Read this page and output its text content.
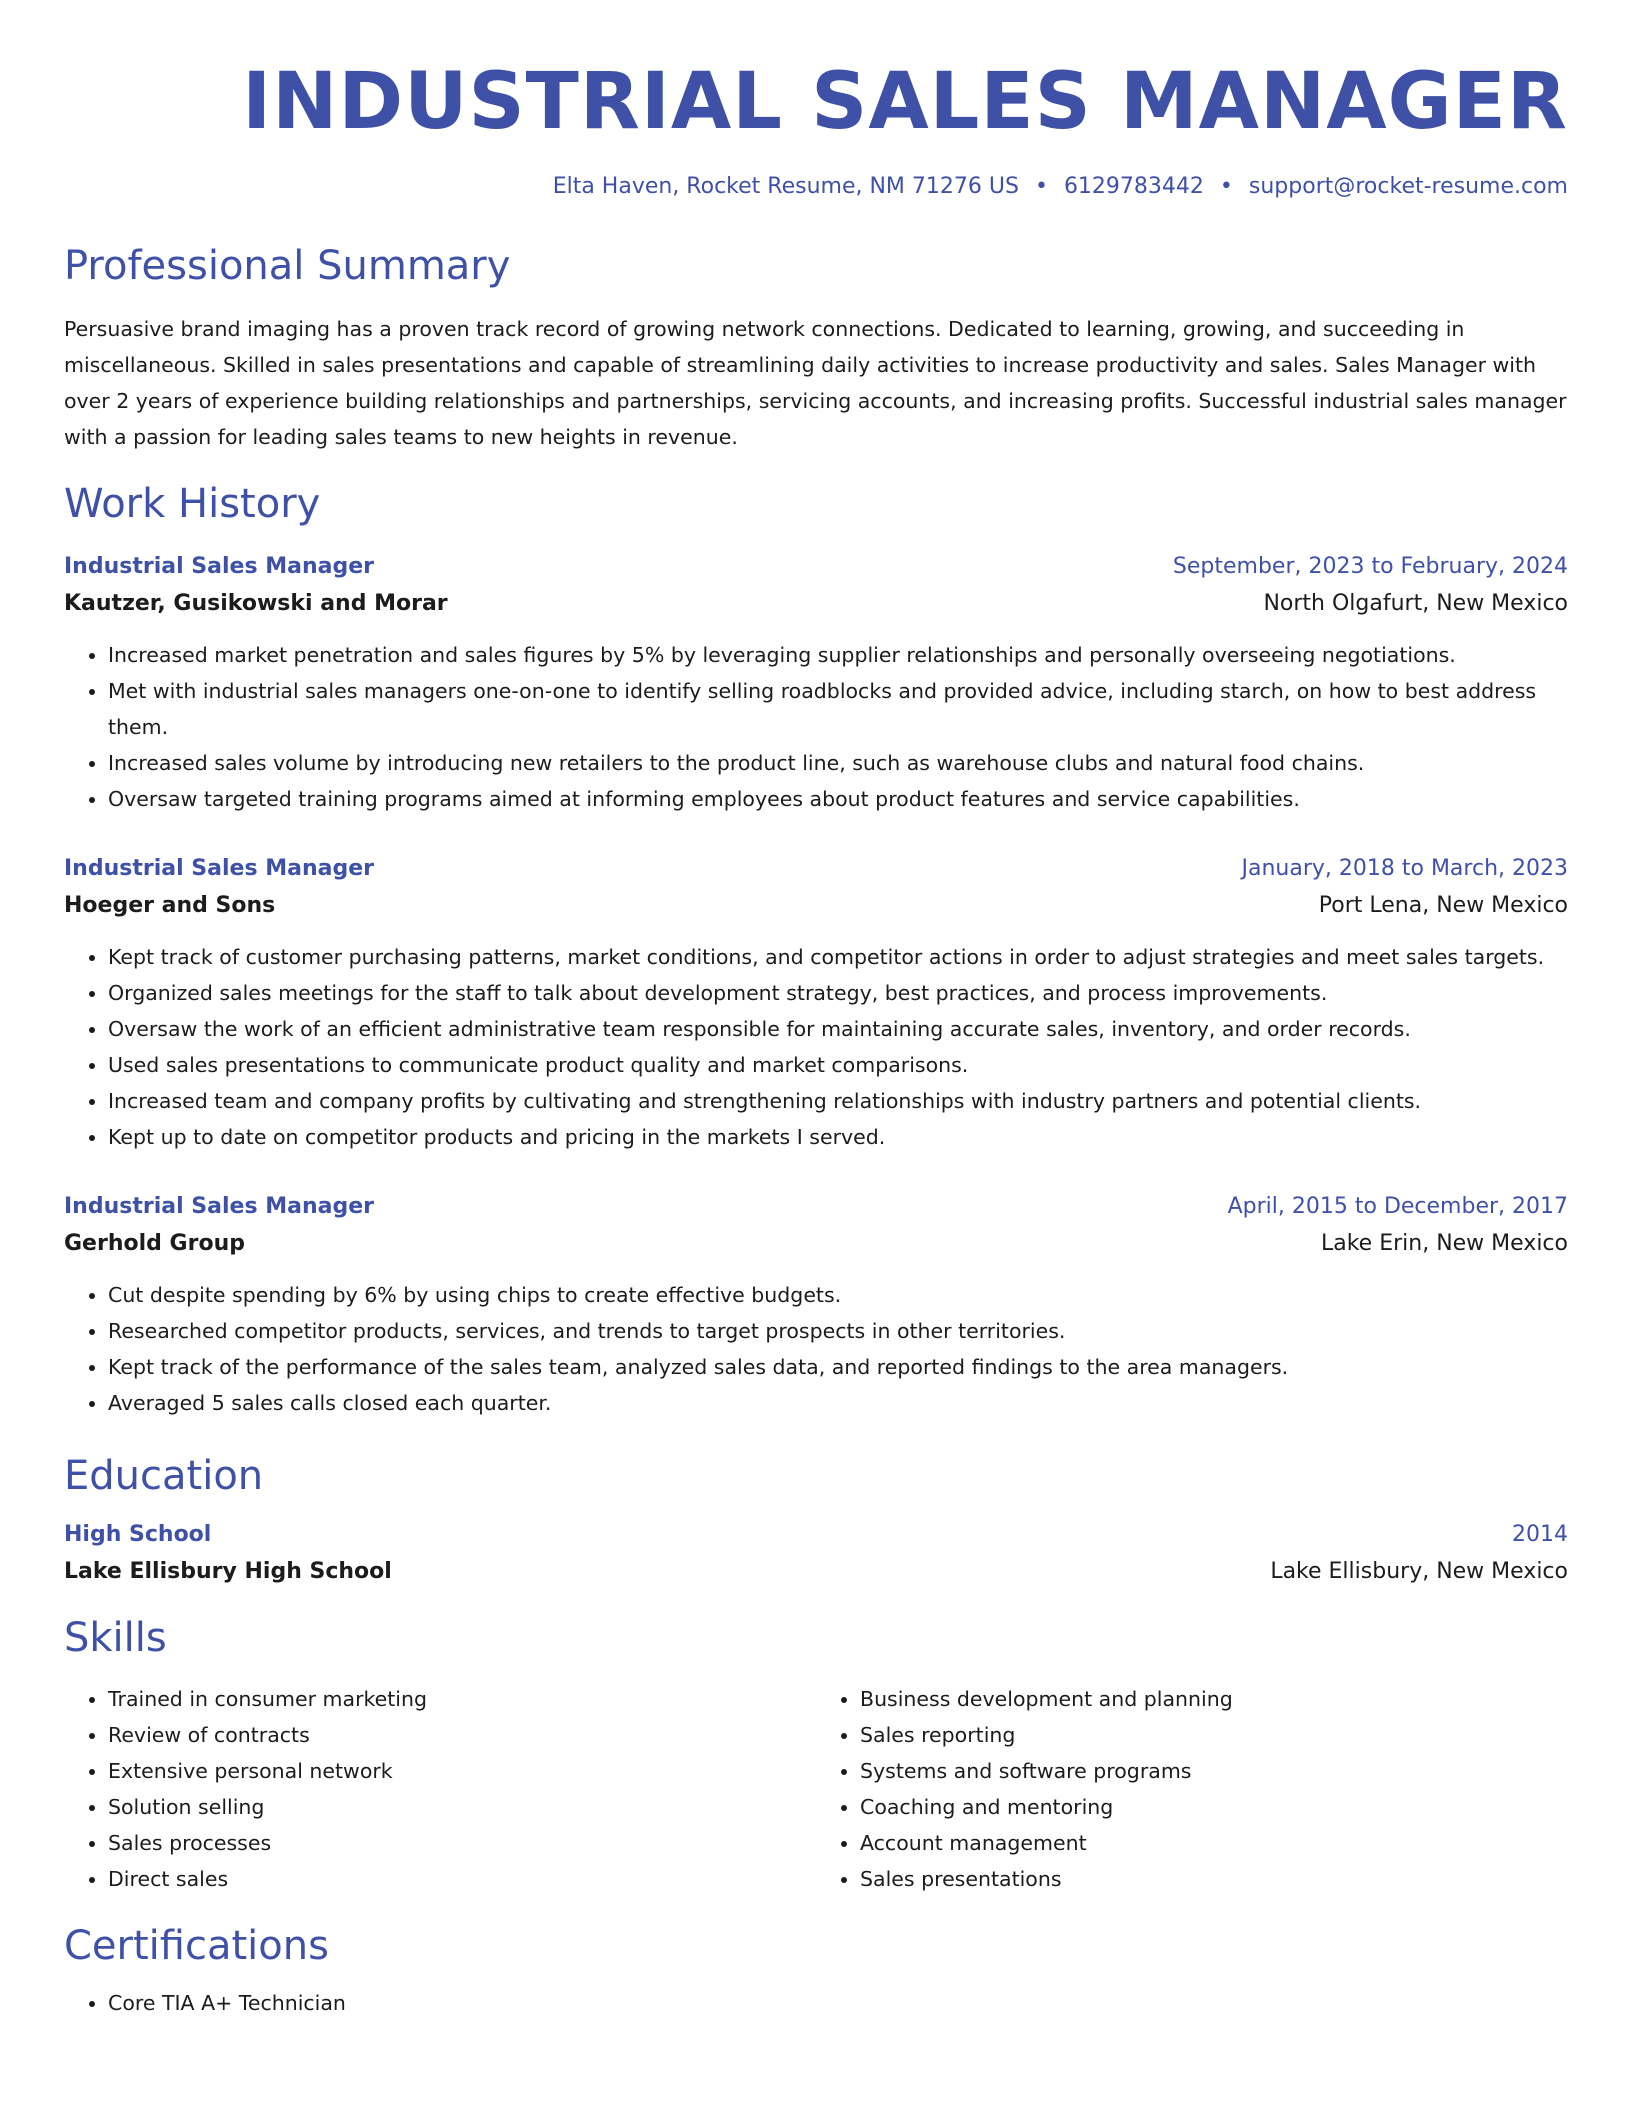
INDUSTRIAL SALES MANAGER
Elta Haven, Rocket Resume, NM 71276 US • 6129783442 • support@rocket-resume.com
Professional Summary
Persuasive brand imaging has a proven track record of growing network connections. Dedicated to learning, growing, and succeeding in miscellaneous. Skilled in sales presentations and capable of streamlining daily activities to increase productivity and sales. Sales Manager with over 2 years of experience building relationships and partnerships, servicing accounts, and increasing profits. Successful industrial sales manager with a passion for leading sales teams to new heights in revenue.
Work History
Industrial Sales Manager	September, 2023 to February, 2024
Kautzer, Gusikowski and Morar	North Olgafurt, New Mexico
• Increased market penetration and sales figures by 5% by leveraging supplier relationships and personally overseeing negotiations.
• Met with industrial sales managers one-on-one to identify selling roadblocks and provided advice, including starch, on how to best address them.
• Increased sales volume by introducing new retailers to the product line, such as warehouse clubs and natural food chains.
• Oversaw targeted training programs aimed at informing employees about product features and service capabilities.
Industrial Sales Manager	January, 2018 to March, 2023
Hoeger and Sons	Port Lena, New Mexico
• Kept track of customer purchasing patterns, market conditions, and competitor actions in order to adjust strategies and meet sales targets.
• Organized sales meetings for the staff to talk about development strategy, best practices, and process improvements.
• Oversaw the work of an efficient administrative team responsible for maintaining accurate sales, inventory, and order records.
• Used sales presentations to communicate product quality and market comparisons.
• Increased team and company profits by cultivating and strengthening relationships with industry partners and potential clients.
• Kept up to date on competitor products and pricing in the markets I served.
Industrial Sales Manager	April, 2015 to December, 2017
Gerhold Group	Lake Erin, New Mexico
• Cut despite spending by 6% by using chips to create effective budgets.
• Researched competitor products, services, and trends to target prospects in other territories.
• Kept track of the performance of the sales team, analyzed sales data, and reported findings to the area managers.
• Averaged 5 sales calls closed each quarter.
Education
High School	2014
Lake Ellisbury High School	Lake Ellisbury, New Mexico
Skills
• Trained in consumer marketing
• Review of contracts
• Extensive personal network
• Solution selling
• Sales processes
• Direct sales
• Business development and planning
• Sales reporting
• Systems and software programs
• Coaching and mentoring
• Account management
• Sales presentations
Certifications
• Core TIA A+ Technician
